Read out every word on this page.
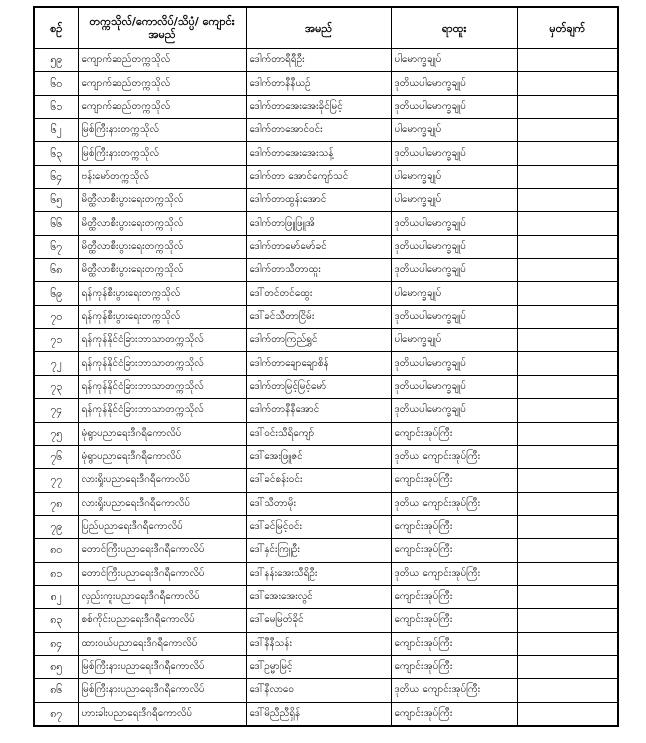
စဉ်	တက္ကသိုလ်/ကောလိပ်/သိပ္ပံ/ ကျောင်းအမည်	အမည်	ရာထူး	မှတ်ချက်
၅၉	ကျောက်ဆည်တက္ကသိုလ်	ဒေါက်တာရီရီဦး	ပါမောက္ခချုပ်	
၆၀	ကျောက်ဆည်တက္ကသိုလ်	ဒေါက်တာနီနီယဉ်	ဒုတိယပါမောက္ခချုပ်	
၆၁	ကျောက်ဆည်တက္ကသိုလ်	ဒေါက်တာအေးအေးခိုင်မြင့်	ဒုတိယပါမောက္ခချုပ်	
၆၂	မြစ်ကြီးနားတက္ကသိုလ်	ဒေါက်တာအောင်ဝင်း	ပါမောက္ခချုပ်	
၆၃	မြစ်ကြီးနားတက္ကသိုလ်	ဒေါက်တာအေးအေးသန့်	ဒုတိယပါမောက္ခချုပ်	
၆၄	ဗန်းမော်တက္ကသိုလ်	ဒေါက်တာ အောင်ကျော်သင်	ပါမောက္ခချုပ်	
၆၅	မိတ္ထီလာစီးပွားရေးတက္ကသိုလ်	ဒေါက်တာထွန်းအောင်	ပါမောက္ခချုပ်	
၆၆	မိတ္ထီလာစီးပွားရေးတက္ကသိုလ်	ဒေါက်တာဖြူဖြူအိ	ဒုတိယပါမောက္ခချုပ်	
၆၇	မိတ္ထီလာစီးပွားရေးတက္ကသိုလ်	ဒေါက်တာမော်မော်ခင်	ဒုတိယပါမောက္ခချုပ်	
၆၈	မိတ္ထီလာစီးပွားရေးတက္ကသိုလ်	ဒေါက်တာသီတာထူး	ဒုတိယပါမောက္ခချုပ်	
၆၉	ရန်ကုန်စီးပွားရေးတက္ကသိုလ်	ဒေါ်တင်တင်ထွေး	ပါမောက္ခချုပ်	
၇၀	ရန်ကုန်စီးပွားရေးတက္ကသိုလ်	ဒေါ်ခင်သီတာငြိမ်း	ဒုတိယပါမောက္ခချုပ်	
၇၁	ရန်ကုန်နိုင်ငံခြားဘာသာတက္ကသိုလ်	ဒေါက်တာကြည်ရွှင်	ပါမောက္ခချုပ်	
၇၂	ရန်ကုန်နိုင်ငံခြားဘာသာတက္ကသိုလ်	ဒေါက်တာချောချောစိန်	ဒုတိယပါမောက္ခချုပ်	
၇၃	ရန်ကုန်နိုင်ငံခြားဘာသာတက္ကသိုလ်	ဒေါက်တာမြင့်မြင့်မော်	ဒုတိယပါမောက္ခချုပ်	
၇၄	ရန်ကုန်နိုင်ငံခြားဘာသာတက္ကသိုလ်	ဒေါက်တာနီနီအောင်	ဒုတိယပါမောက္ခချုပ်	
၇၅	မုံရွာပညာရေးဒီဂရီကောလိပ်	ဒေါ်ဝင်းသီရိကျော်	ကျောင်းအုပ်ကြီး	
၇၆	မုံရွာပညာရေးဒီဂရီကောလိပ်	ဒေါ်အေးဖြူဇင်	ဒုတိယ ကျောင်းအုပ်ကြီး	
၇၇	လားရှိုးပညာရေးဒီဂရီကောလိပ်	ဒေါ်ခင်စန်းဝင်း	ကျောင်းအုပ်ကြီး	
၇၈	လားရှိုးပညာရေးဒီဂရီကောလိပ်	ဒေါ်သီတာမိုး	ဒုတိယ ကျောင်းအုပ်ကြီး	
၇၉	ပြည်ပညာရေးဒီဂရီကောလိပ်	ဒေါ်ခင်မြင့်ဝင်း	ကျောင်းအုပ်ကြီး	
၈၀	တောင်ကြီးပညာရေးဒီဂရီကောလိပ်	ဒေါ်နှင်းကြူဦး	ကျောင်းအုပ်ကြီး	
၈၁	တောင်ကြီးပညာရေးဒီဂရီကောလိပ်	ဒေါ်နန်းအေးသီရိဦး	ဒုတိယ ကျောင်းအုပ်ကြီး	
၈၂	လှည်းကူးပညာရေးဒီဂရီကောလိပ်	ဒေါ်အေးအေးလွင်	ကျောင်းအုပ်ကြီး	
၈၃	စစ်ကိုင်းပညာရေးဒီဂရီကောလိပ်	ဒေါ်မေမြတ်ခိုင်	ကျောင်းအုပ်ကြီး	
၈၄	ထားဝယ်ပညာရေးဒီဂရီကောလိပ်	ဒေါ်နီနီသန်း	ကျောင်းအုပ်ကြီး	
၈၅	မြစ်ကြီးနားပညာရေးဒီဂရီကောလိပ်	ဒေါ်ဥမ္မာမြင့်	ကျောင်းအုပ်ကြီး	
၈၆	မြစ်ကြီးနားပညာရေးဒီဂရီကောလိပ်	ဒေါ်နီလာဝေ	ဒုတိယ ကျောင်းအုပ်ကြီး	
၈၇	ဟားခါးပညာရေးဒီဂရီကောလိပ်	ဒေါ်မိညီညီရှိန်	ကျောင်းအုပ်ကြီး	
